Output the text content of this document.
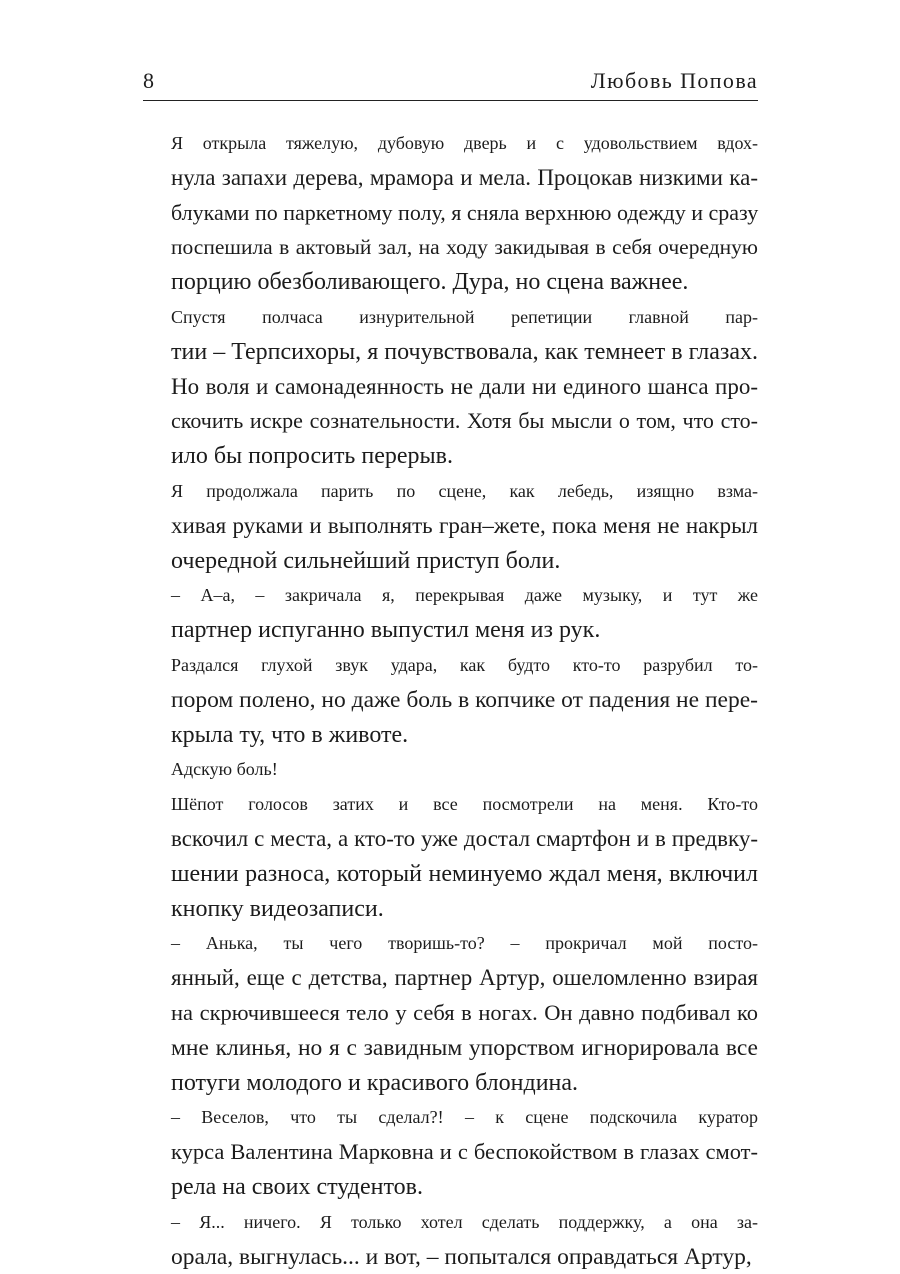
8	Любовь Попова

Я открыла тяжелую, дубовую дверь и с удовольствием вдох-
нула запахи дерева, мрамора и мела. Процокав низкими ка-
блуками по паркетному полу, я сняла верхнюю одежду и сразу
поспешила в актовый зал, на ходу закидывая в себя очередную
порцию обезболивающего. Дура, но сцена важнее.

Спустя полчаса изнурительной репетиции главной пар-
тии – Терпсихоры, я почувствовала, как темнеет в глазах.
Но воля и самонадеянность не дали ни единого шанса про-
скочить искре сознательности. Хотя бы мысли о том, что сто-
ило бы попросить перерыв.

Я продолжала парить по сцене, как лебедь, изящно взма-
хивая руками и выполнять гран–жете, пока меня не накрыл
очередной сильнейший приступ боли.

– А–а, – закричала я, перекрывая даже музыку, и тут же
партнер испуганно выпустил меня из рук.

Раздался глухой звук удара, как будто кто-то разрубил то-
пором полено, но даже боль в копчике от падения не пере-
крыла ту, что в животе.

Адскую боль!

Шёпот голосов затих и все посмотрели на меня. Кто-то
вскочил с места, а кто-то уже достал смартфон и в предвку-
шении разноса, который неминуемо ждал меня, включил
кнопку видеозаписи.

– Анька, ты чего творишь-то? – прокричал мой посто-
янный, еще с детства, партнер Артур, ошеломленно взирая
на скрючившееся тело у себя в ногах. Он давно подбивал ко
мне клинья, но я с завидным упорством игнорировала все
потуги молодого и красивого блондина.

– Веселов, что ты сделал?! – к сцене подскочила куратор
курса Валентина Марковна и с беспокойством в глазах смот-
рела на своих студентов.

– Я... ничего. Я только хотел сделать поддержку, а она за-
орала, выгнулась... и вот, – попытался оправдаться Артур,
